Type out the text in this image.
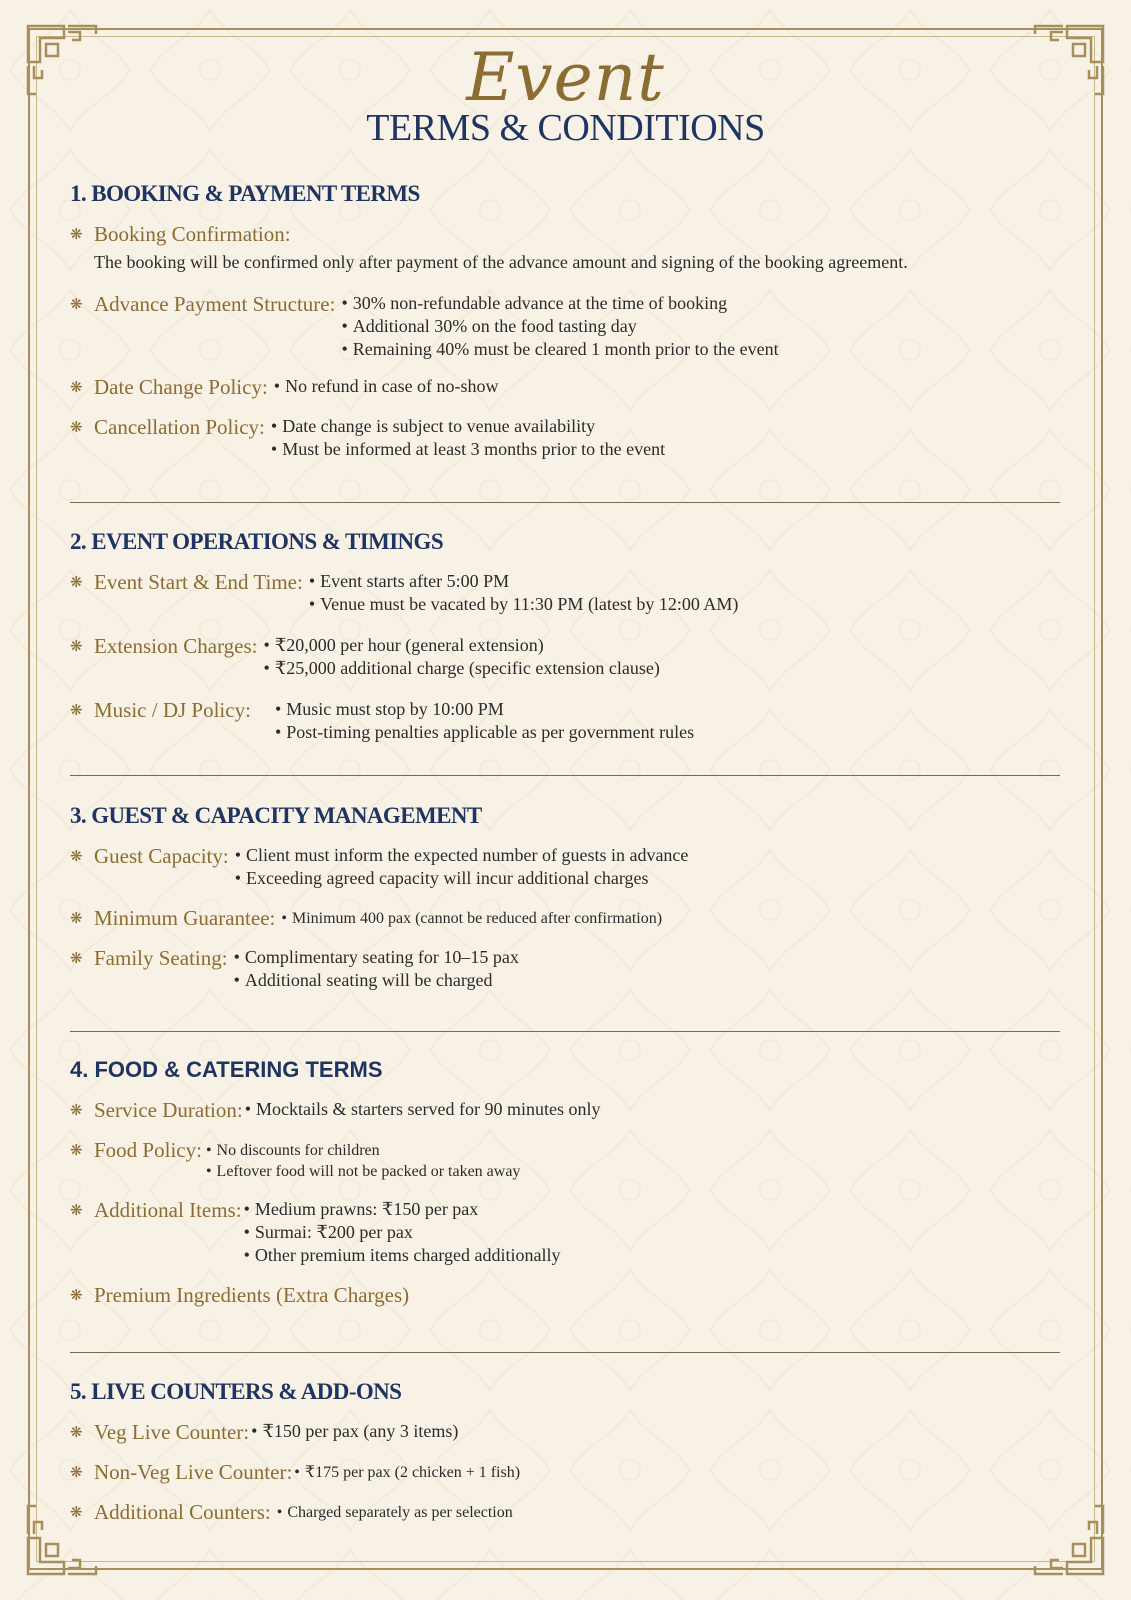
Event
TERMS & CONDITIONS
1. BOOKING & PAYMENT TERMS
❋ Booking Confirmation:
The booking will be confirmed only after payment of the advance amount and signing of the booking agreement.
❋ Advance Payment Structure: • 30% non-refundable advance at the time of booking
• Additional 30% on the food tasting day
• Remaining 40% must be cleared 1 month prior to the event
❋ Date Change Policy: • No refund in case of no-show
❋ Cancellation Policy: • Date change is subject to venue availability
• Must be informed at least 3 months prior to the event
2. EVENT OPERATIONS & TIMINGS
❋ Event Start & End Time: • Event starts after 5:00 PM
• Venue must be vacated by 11:30 PM (latest by 12:00 AM)
❋ Extension Charges: • ₹20,000 per hour (general extension)
• ₹25,000 additional charge (specific extension clause)
❋ Music / DJ Policy:	• Music must stop by 10:00 PM
• Post-timing penalties applicable as per government rules
3. GUEST & CAPACITY MANAGEMENT
❋ Guest Capacity: • Client must inform the expected number of guests in advance
• Exceeding agreed capacity will incur additional charges
❋ Minimum Guarantee:	• Minimum 400 pax (cannot be reduced after confirmation)
❋ Family Seating: • Complimentary seating for 10–15 pax
• Additional seating will be charged
4. FOOD & CATERING TERMS
❋ Service Duration: • Mocktails & starters served for 90 minutes only
❋ Food Policy: • No discounts for children
• Leftover food will not be packed or taken away
❋ Additional Items: • Medium prawns: ₹150 per pax
• Surmai: ₹200 per pax
• Other premium items charged additionally
❋ Premium Ingredients (Extra Charges)
5. LIVE COUNTERS & ADD-ONS
❋ Veg Live Counter: • ₹150 per pax (any 3 items)
❋ Non-Veg Live Counter: • ₹175 per pax (2 chicken + 1 fish)
❋ Additional Counters:	• Charged separately as per selection
